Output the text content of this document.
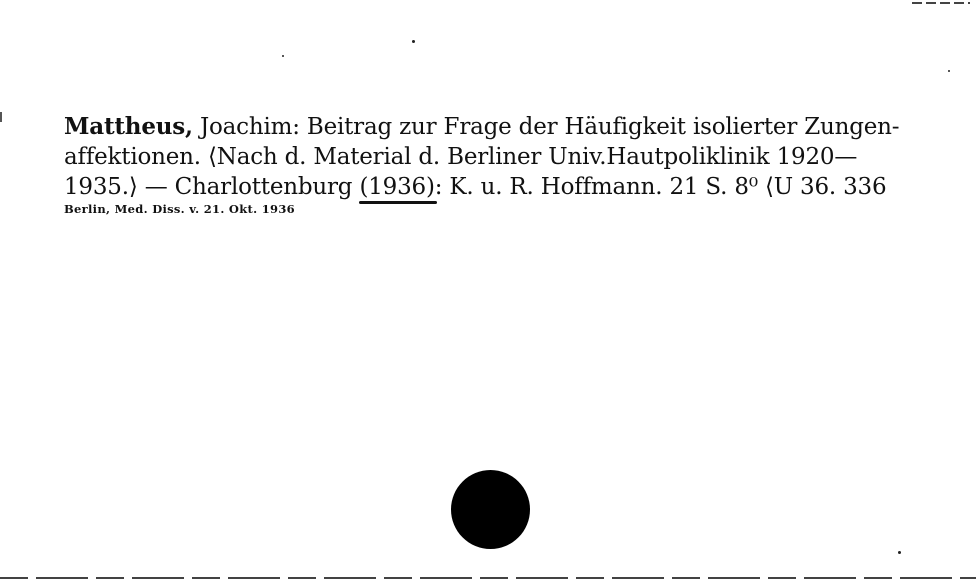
Mattheus, Joachim: Beitrag zur Frage der Häufigkeit isolierter Zungen-
affektionen. ⟨Nach d. Material d. Berliner Univ.Hautpoliklinik 1920—
1935.⟩ — Charlottenburg (1936)
: K. u. R. Hoffmann. 21 S. 8⁰ ⟨U 36. 336
Berlin, Med. Diss. v. 21. Okt. 1936
